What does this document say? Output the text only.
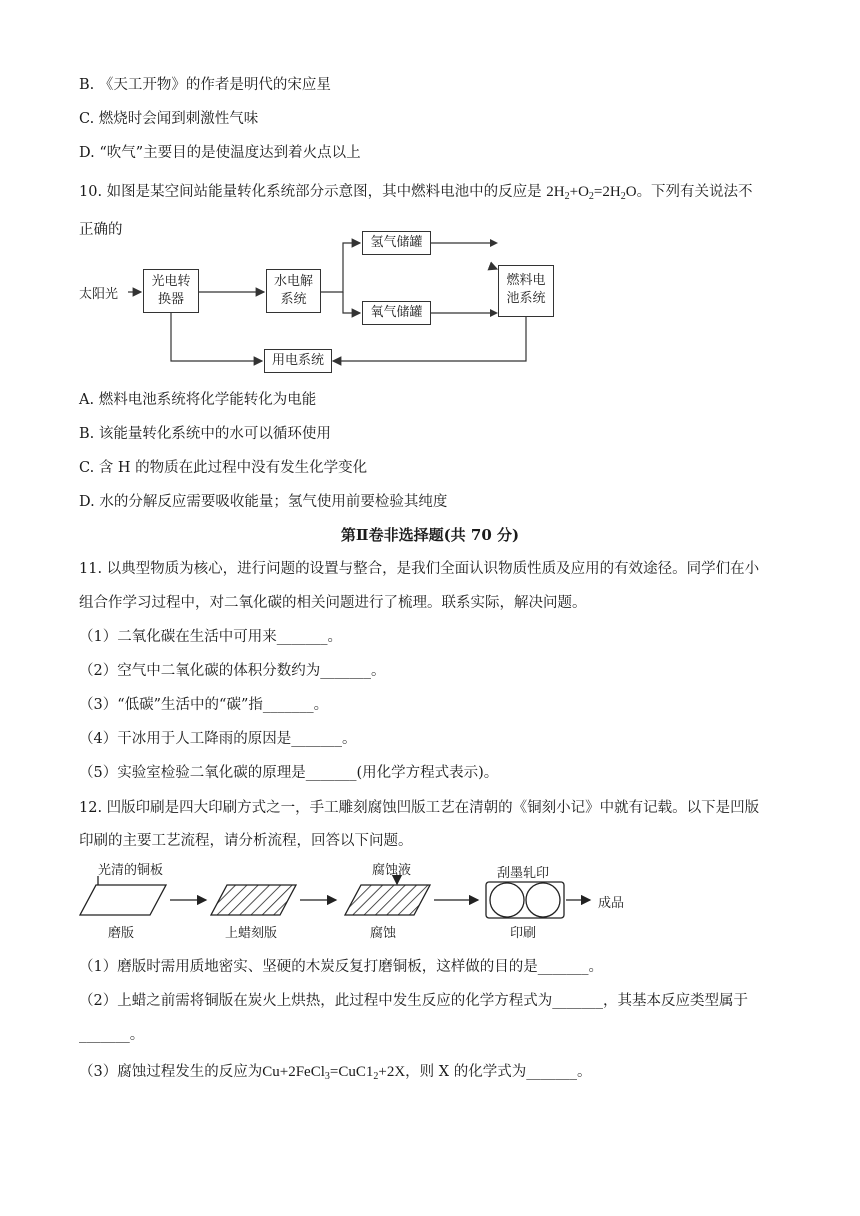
B. 《天工开物》的作者是明代的宋应星
C. 燃烧时会闻到刺激性气味
D. “吹气”主要目的是使温度达到着火点以上
10. 如图是某空间站能量转化系统部分示意图，其中燃料电池中的反应是 $2H_2+O_2=2H_2O$。下列有关说法不
正确的
太阳光
光电转
换器
水电解
系统
氢气储罐
氧气储罐
燃料电
池系统
用电系统
A. 燃料电池系统将化学能转化为电能
B. 该能量转化系统中的水可以循环使用
C. 含 H 的物质在此过程中没有发生化学变化
D. 水的分解反应需要吸收能量；氢气使用前要检验其纯度
第Ⅱ卷非选择题(共 70 分)
11. 以典型物质为核心，进行问题的设置与整合，是我们全面认识物质性质及应用的有效途径。同学们在小
组合作学习过程中，对二氧化碳的相关问题进行了梳理。联系实际，解决问题。
（1）二氧化碳在生活中可用来_______。
（2）空气中二氧化碳的体积分数约为_______。
（3）“低碳”生活中的“碳”指_______。
（4）干冰用于人工降雨的原因是_______。
（5）实验室检验二氧化碳的原理是_______(用化学方程式表示)。
12. 凹版印刷是四大印刷方式之一，手工雕刻腐蚀凹版工艺在清朝的《铜刻小记》中就有记载。以下是凹版
印刷的主要工艺流程，请分析流程，回答以下问题。
光清的铜板	腐蚀液	刮墨轧印
成品
磨版	上蜡刻版	腐蚀	印刷
（1）磨版时需用质地密实、坚硬的木炭反复打磨铜板，这样做的目的是_______。
（2）上蜡之前需将铜版在炭火上烘热，此过程中发生反应的化学方程式为_______，其基本反应类型属于
_______。
（3）腐蚀过程发生的反应为$Cu+2FeCl_3=CuC1_2+2X$，则 X 的化学式为_______。
